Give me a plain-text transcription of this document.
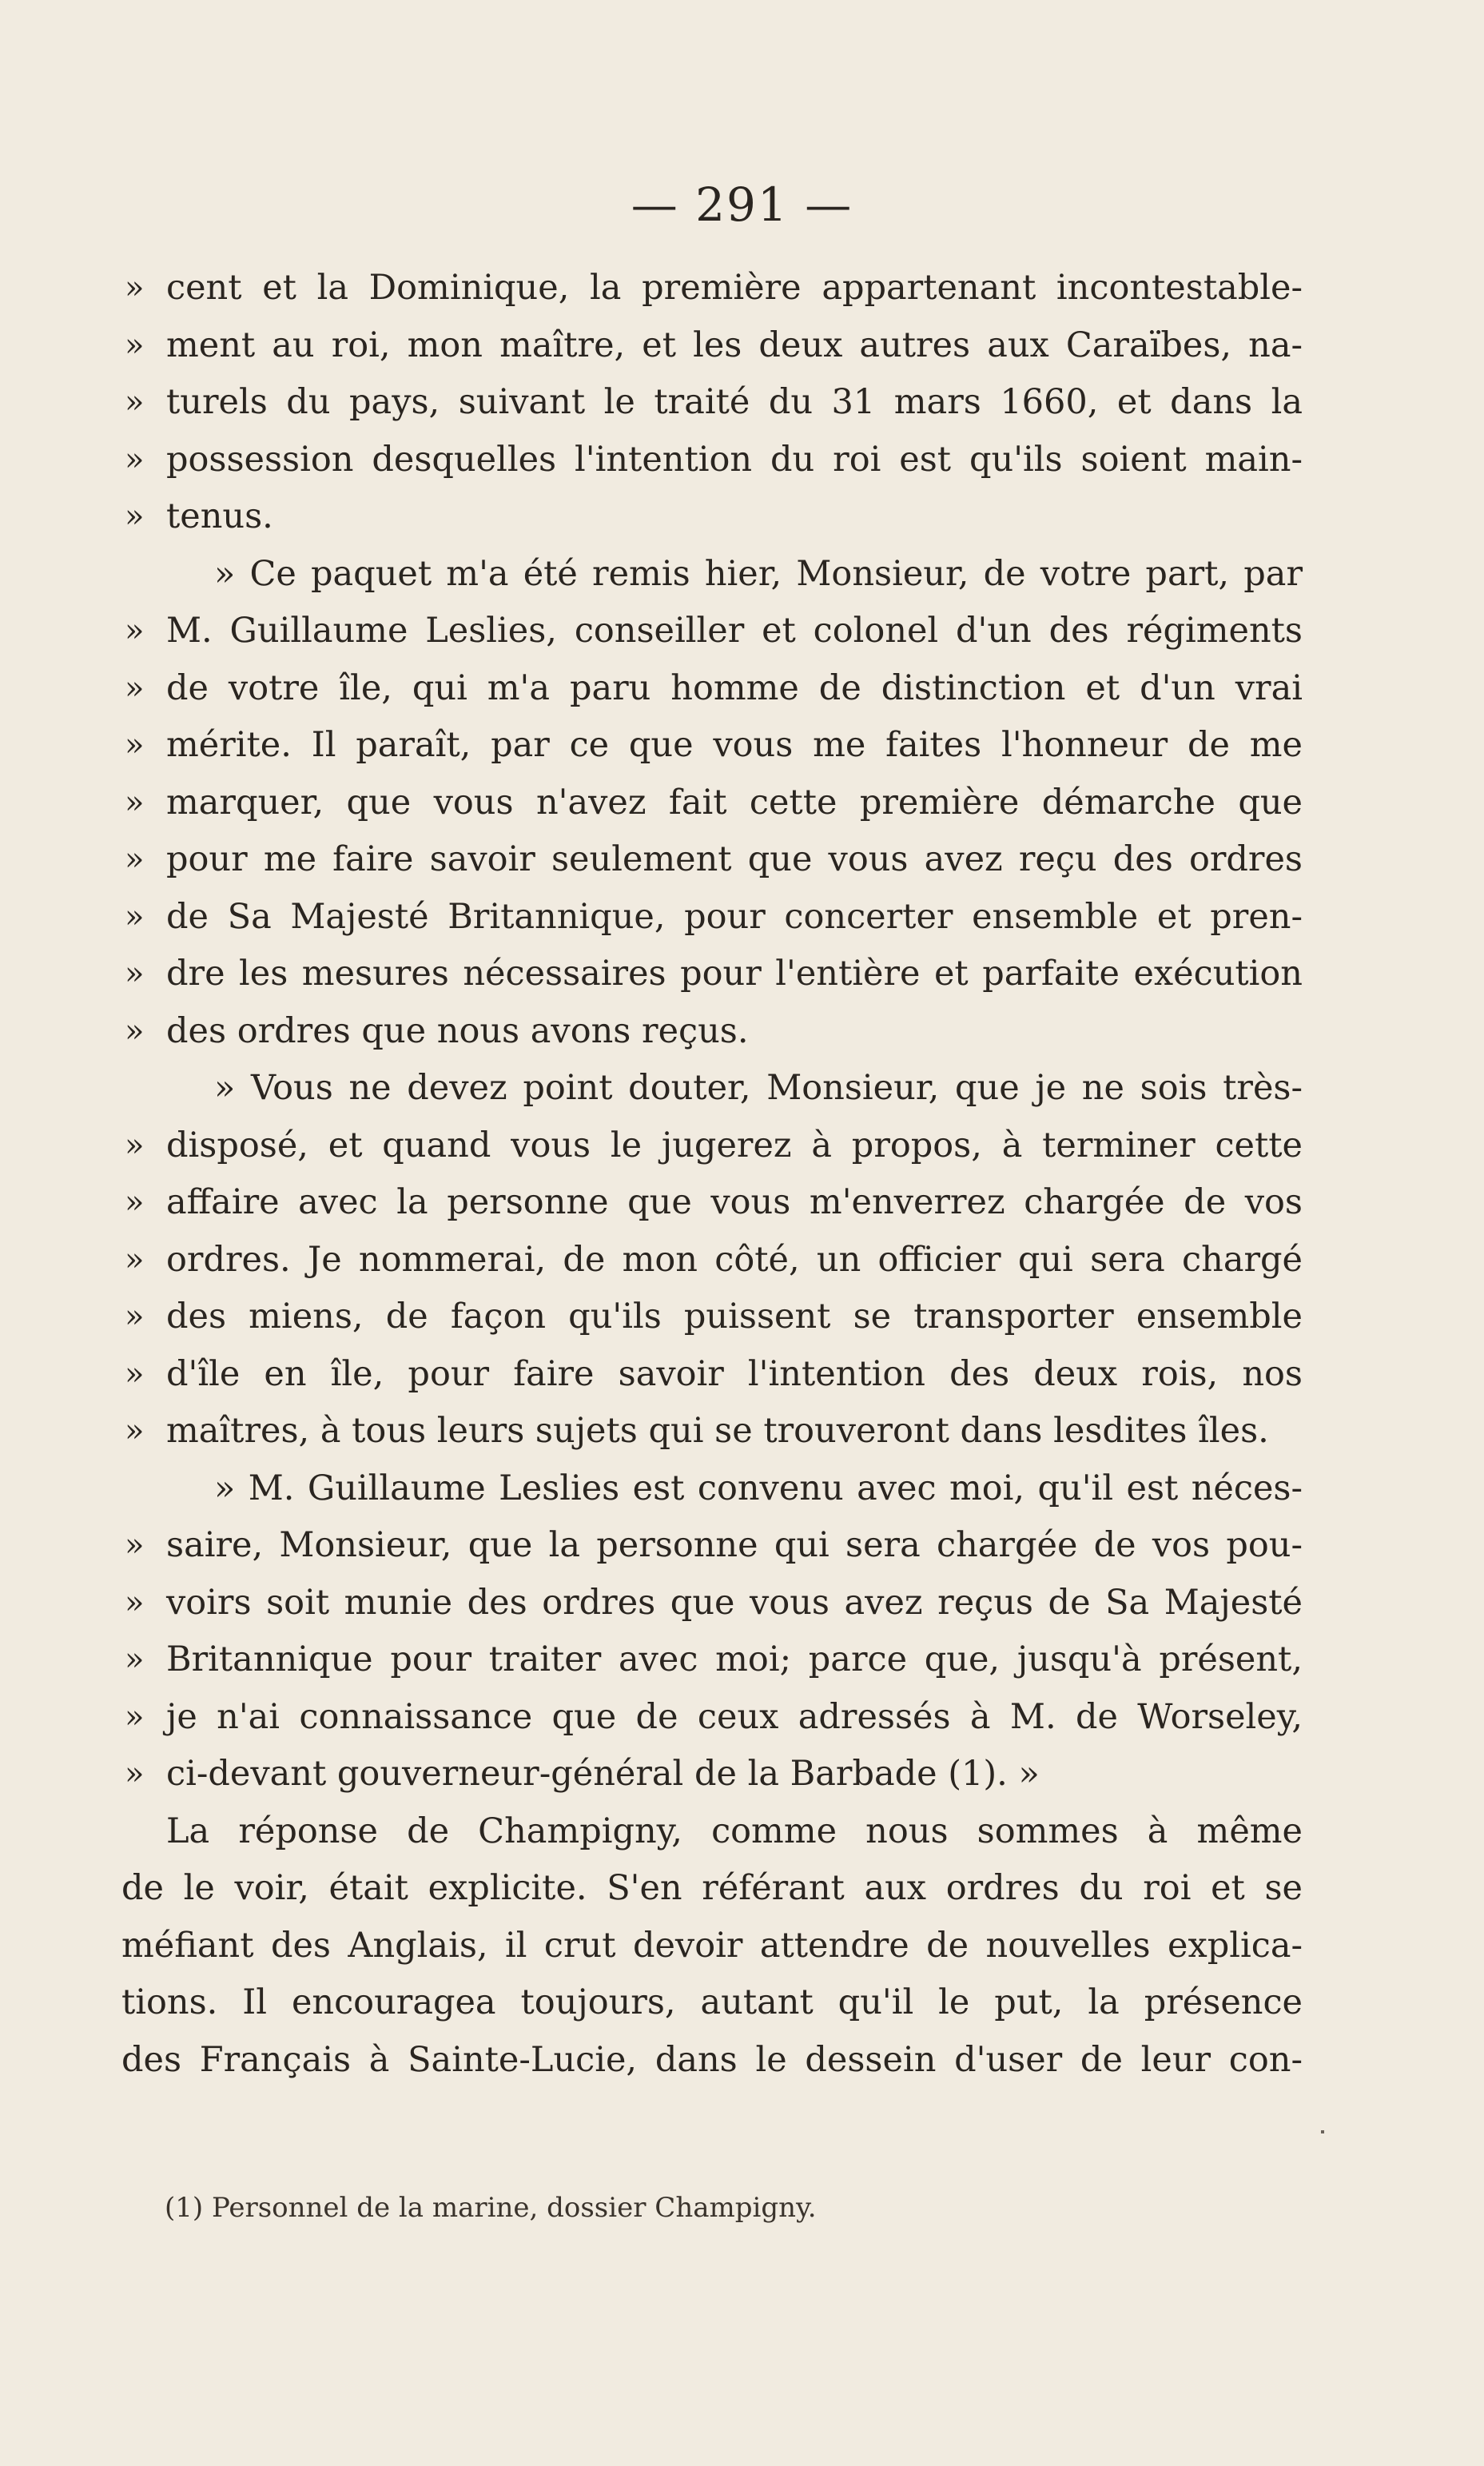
— 291 —
» cent et la Dominique, la première appartenant incontestable-
» ment au roi, mon maître, et les deux autres aux Caraïbes, na-
» turels du pays, suivant le traité du 31 mars 1660, et dans la
» possession desquelles l'intention du roi est qu'ils soient main-
» tenus.
» Ce paquet m'a été remis hier, Monsieur, de votre part, par
» M. Guillaume Leslies, conseiller et colonel d'un des régiments
» de votre île, qui m'a paru homme de distinction et d'un vrai
» mérite. Il paraît, par ce que vous me faites l'honneur de me
» marquer, que vous n'avez fait cette première démarche que
» pour me faire savoir seulement que vous avez reçu des ordres
» de Sa Majesté Britannique, pour concerter ensemble et pren-
» dre les mesures nécessaires pour l'entière et parfaite exécution
» des ordres que nous avons reçus.
» Vous ne devez point douter, Monsieur, que je ne sois très-
» disposé, et quand vous le jugerez à propos, à terminer cette
» affaire avec la personne que vous m'enverrez chargée de vos
» ordres. Je nommerai, de mon côté, un officier qui sera chargé
» des miens, de façon qu'ils puissent se transporter ensemble
» d'île en île, pour faire savoir l'intention des deux rois, nos
» maîtres, à tous leurs sujets qui se trouveront dans lesdites îles.
» M. Guillaume Leslies est convenu avec moi, qu'il est néces-
» saire, Monsieur, que la personne qui sera chargée de vos pou-
» voirs soit munie des ordres que vous avez reçus de Sa Majesté
» Britannique pour traiter avec moi; parce que, jusqu'à présent,
» je n'ai connaissance que de ceux adressés à M. de Worseley,
» ci-devant gouverneur-général de la Barbade (1). »
La réponse de Champigny, comme nous sommes à même
de le voir, était explicite. S'en référant aux ordres du roi et se
méfiant des Anglais, il crut devoir attendre de nouvelles explica-
tions. Il encouragea toujours, autant qu'il le put, la présence
des Français à Sainte-Lucie, dans le dessein d'user de leur con-
(1) Personnel de la marine, dossier Champigny.
